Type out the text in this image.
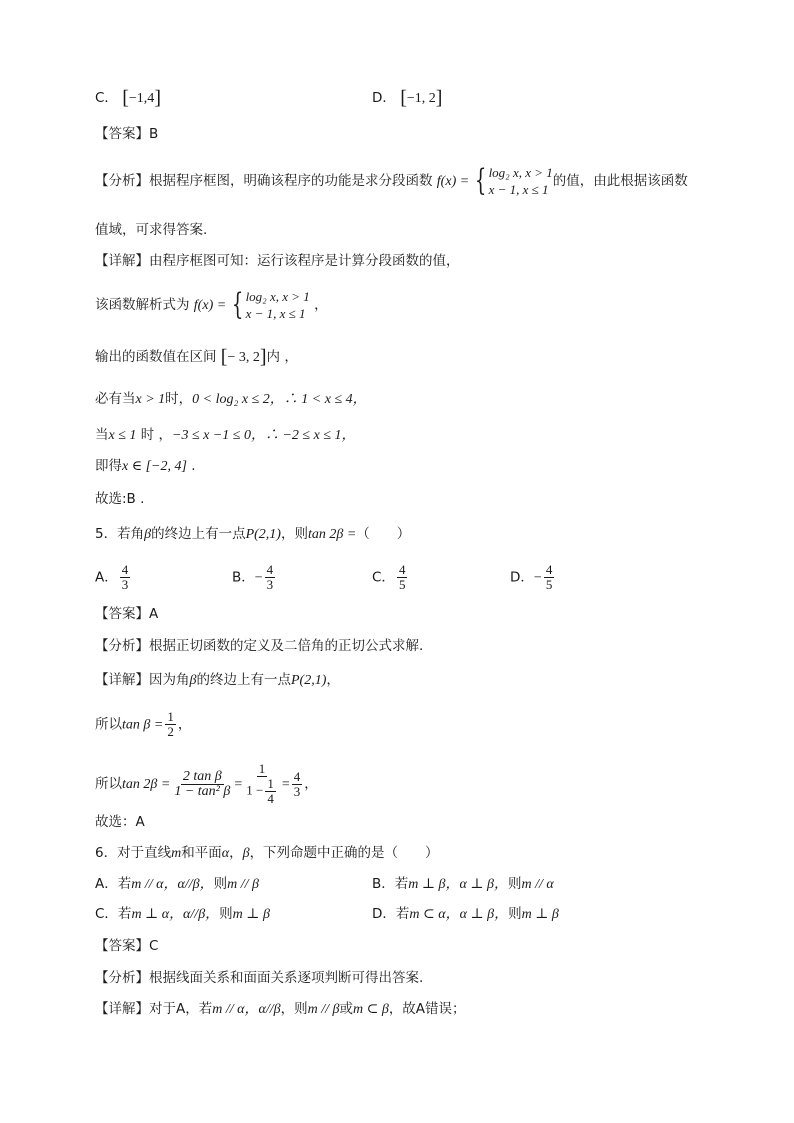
C． [−1,4]	D． [−1, 2]
【答案】B
【分析】根据程序框图，明确该程序的功能是求分段函数 f(x) = { log₂ x, x > 1
x − 1, x ≤ 1
的值，由此根据该函数
值域，可求得答案.
【详解】由程序框图可知：运行该程序是计算分段函数的值，
该函数解析式为 f(x) = { log₂ x, x > 1
x − 1, x ≤ 1
，
输出的函数值在区间 [− 3, 2]内 ，
必有当x > 1时，0 < log₂ x ≤ 2，∴ 1 < x ≤ 4，
当x ≤ 1 时 ，−3 ≤ x −1 ≤ 0，∴ −2 ≤ x ≤ 1，
即得x ∈ [−2, 4] .
故选:B .
5．若角β的终边上有一点P(2,1)，则tan 2β =（　　）
A． $\frac{4}{3}$	B．− $\frac{4}{3}$	C． $\frac{4}{5}$	D．− $\frac{4}{5}$
【答案】A
【分析】根据正切函数的定义及二倍角的正切公式求解.
【详解】因为角β的终边上有一点P(2,1)，
所以$\tan \beta = \frac{1}{2}$ ，
所以$\tan 2\beta = \frac{\text{2 tan β}}{\text{1 − tan² β}} = \frac{1}{1 - \frac{1}{4}} = \frac{4}{3}$ ，
故选：A
6．对于直线m和平面α，β，下列命题中正确的是（　　）
A．若m // α，α//β，则m // β	B．若m ⊥ β，α ⊥ β，则m // α
C．若m ⊥ α，α//β，则m ⊥ β	D．若m ⊂ α，α ⊥ β，则m ⊥ β
【答案】C
【分析】根据线面关系和面面关系逐项判断可得出答案.
【详解】对于A，若m // α，α//β，则m // β或m ⊂ β，故A错误；
